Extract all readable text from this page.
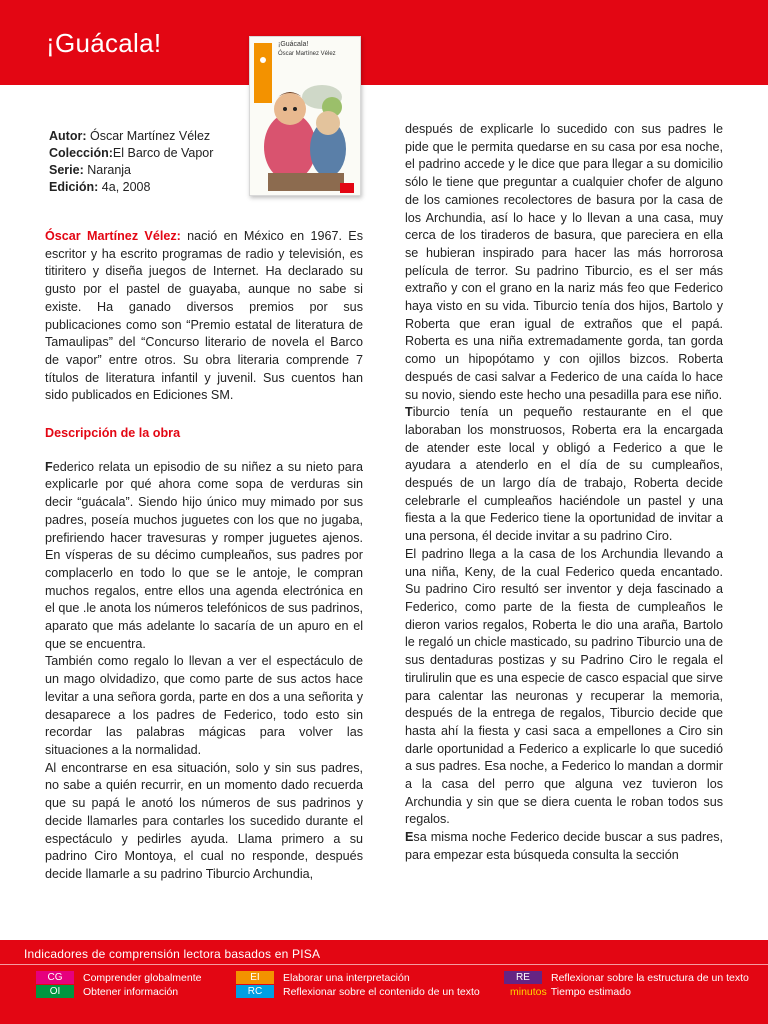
¡Guácala!	¡Guácala!
Óscar Martínez Vélez
Autor: Óscar Martínez Vélez
Colección:El Barco de Vapor
Serie: Naranja
Edición: 4a, 2008

Óscar Martínez Vélez: nació en México en 1967. Es escritor y ha escrito programas de radio y televisión, es titiritero y diseña juegos de Internet. Ha declarado su gusto por el pastel de guayaba, aunque no sabe si existe. Ha ganado diversos premios por sus publicaciones como son “Premio estatal de literatura de Tamaulipas” del “Concurso literario de novela el Barco de vapor” entre otros. Su obra literaria comprende 7 títulos de literatura infantil y juvenil. Sus cuentos han sido publicados en Ediciones SM.

Descripción de la obra

Federico relata un episodio de su niñez a su nieto para explicarle por qué ahora come sopa de verduras sin decir “guácala”. Siendo hijo único muy mimado por sus padres, poseía muchos juguetes con los que no jugaba, prefiriendo hacer travesuras y romper juguetes ajenos. En vísperas de su décimo cumpleaños, sus padres por complacerlo en todo lo que se le antoje, le compran muchos regalos, entre ellos una agenda electrónica en el que .le anota los números telefónicos de sus padrinos, aparato que más adelante lo sacaría de un apuro en el que se encuentra.

También como regalo lo llevan a ver el espectáculo de un mago olvidadizo, que como parte de sus actos hace levitar a una señora gorda, parte en dos a una señorita y desaparece a los padres de Federico, todo esto sin recordar las palabras mágicas para volver las situaciones a la normalidad.

Al encontrarse en esa situación, solo y sin sus padres, no sabe a quién recurrir, en un momento dado recuerda que su papá le anotó los números de sus padrinos y decide llamarles para contarles los sucedido durante el espectáculo y pedirles ayuda. Llama primero a su padrino Ciro Montoya, el cual no responde, después decide llamarle a su padrino Tiburcio Archundia,

después de explicarle lo sucedido con sus padres le pide que le permita quedarse en su casa por esa noche, el padrino accede y le dice que para llegar a su domicilio sólo le tiene que preguntar a cualquier chofer de alguno de los camiones recolectores de basura por la casa de los Archundia, así lo hace y lo llevan a una casa, muy cerca de los tiraderos de basura, que pareciera en ella se hubieran inspirado para hacer las más horrorosa película de terror. Su padrino Tiburcio, es el ser más extraño y con el grano en la nariz más feo que Federico haya visto en su vida. Tiburcio tenía dos hijos, Bartolo y Roberta que eran igual de extraños que el papá. Roberta es una niña extremadamente gorda, tan gorda como un hipopótamo y con ojillos bizcos. Roberta después de casi salvar a Federico de una caída lo hace su novio, siendo este hecho una pesadilla para ese niño.

Tiburcio tenía un pequeño restaurante en el que laboraban los monstruosos, Roberta era la encargada de atender este local y obligó a Federico a que le ayudara a atenderlo en el día de su cumpleaños, después de un largo día de trabajo, Roberta decide celebrarle el cumpleaños haciéndole un pastel y una fiesta a la que Federico tiene la oportunidad de invitar a una persona, él decide invitar a su padrino Ciro.

El padrino llega a la casa de los Archundia llevando a una niña, Keny, de la cual Federico queda encantado. Su padrino Ciro resultó ser inventor y deja fascinado a Federico, como parte de la fiesta de cumpleaños le dieron varios regalos, Roberta le dio una araña, Bartolo le regaló un chicle masticado, su padrino Tiburcio una de sus dentaduras postizas y su Padrino Ciro le regala el tirulirulin que es una especie de casco espacial que sirve para calentar las neuronas y recuperar la memoria, después de la entrega de regalos, Tiburcio decide que hasta ahí la fiesta y casi saca a empellones a Ciro sin darle oportunidad a Federico a explicarle lo que sucedió a sus padres. Esa noche, a Federico lo mandan a dormir a la casa del perro que alguna vez tuvieron los Archundia y sin que se diera cuenta le roban todos sus regalos.

Esa misma noche Federico decide buscar a sus padres, para empezar esta búsqueda consulta la sección

Indicadores de comprensión lectora basados en PISA
CG	Comprender globalmente
OI	Obtener información
EI	Elaborar una interpretación
RC	Reflexionar sobre el contenido de un texto
RE	Reflexionar sobre la estructura de un texto
minutos Tiempo estimado
